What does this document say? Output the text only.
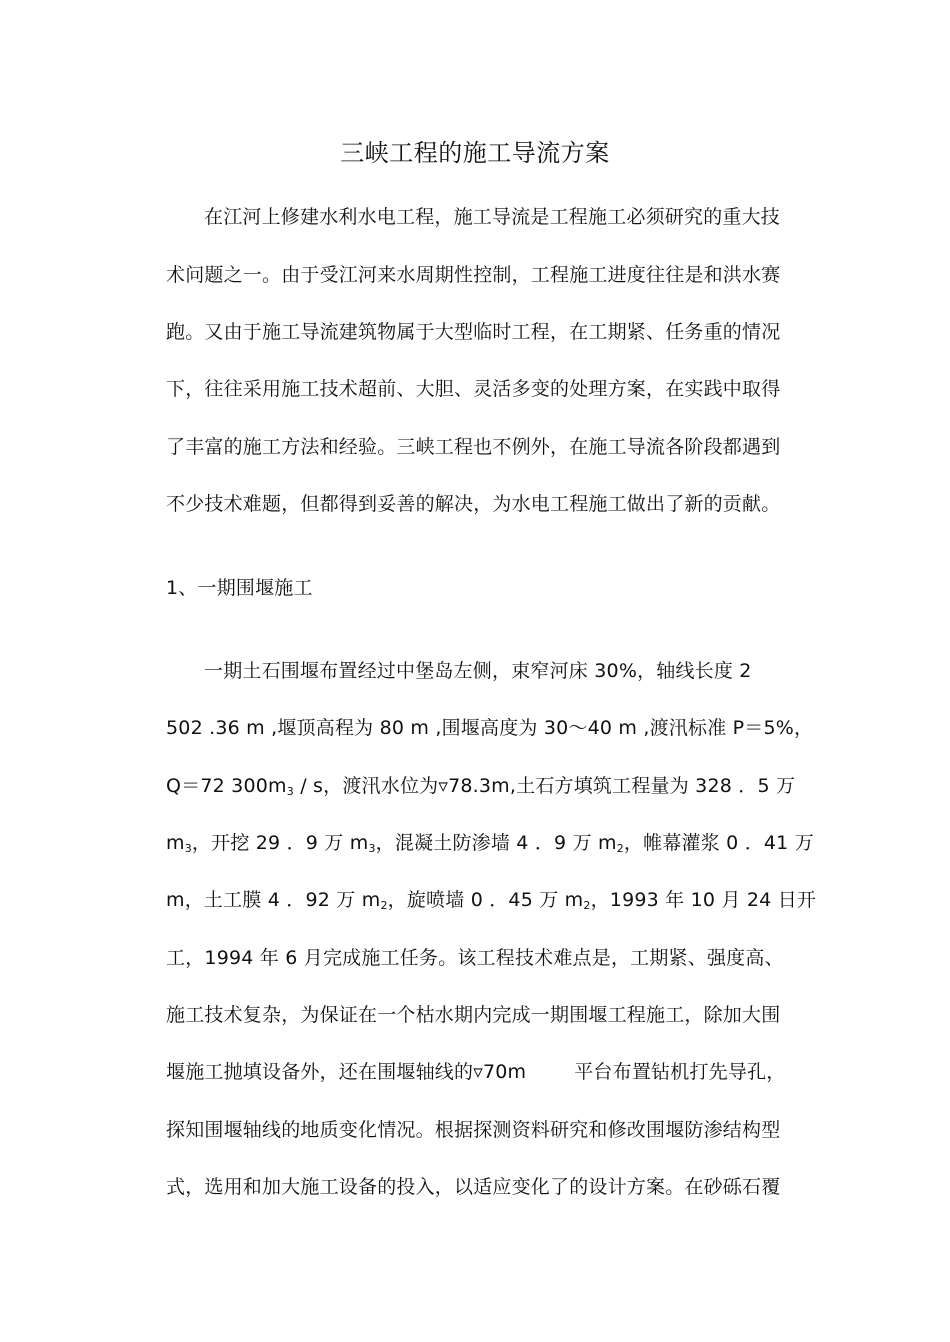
三峡工程的施工导流方案
在江河上修建水利水电工程，施工导流是工程施工必须研究的重大技
术问题之一。由于受江河来水周期性控制，工程施工进度往往是和洪水赛
跑。又由于施工导流建筑物属于大型临时工程，在工期紧、任务重的情况
下，往往采用施工技术超前、大胆、灵活多变的处理方案，在实践中取得
了丰富的施工方法和经验。三峡工程也不例外，在施工导流各阶段都遇到
不少技术难题，但都得到妥善的解决，为水电工程施工做出了新的贡献。
1、一期围堰施工
一期土石围堰布置经过中堡岛左侧，束窄河床 30%，轴线长度 2
502 .36 m ,堰顶高程为 80 m ,围堰高度为 30～40 m ,渡汛标准 P＝5%，
Q＝72 $300m_3$ / s，渡汛水位为▿78.3m,土石方填筑工程量为 328 ．5 万
$m_3$，开挖 29 ．9 万 $m_3$，混凝土防渗墙 4 ．9 万 $m_2$，帷幕灌浆 0 ．41 万
m，土工膜 4 ．92 万 $m_2$，旋喷墙 0 ．45 万 $m_2$，1993 年 10 月 24 日开
工，1994 年 6 月完成施工任务。该工程技术难点是，工期紧、强度高、
施工技术复杂，为保证在一个枯水期内完成一期围堰工程施工，除加大围
堰施工抛填设备外，还在围堰轴线的▿70m	平台布置钻机打先导孔，
探知围堰轴线的地质变化情况。根据探测资料研究和修改围堰防渗结构型
式，选用和加大施工设备的投入，以适应变化了的设计方案。在砂砾石覆
